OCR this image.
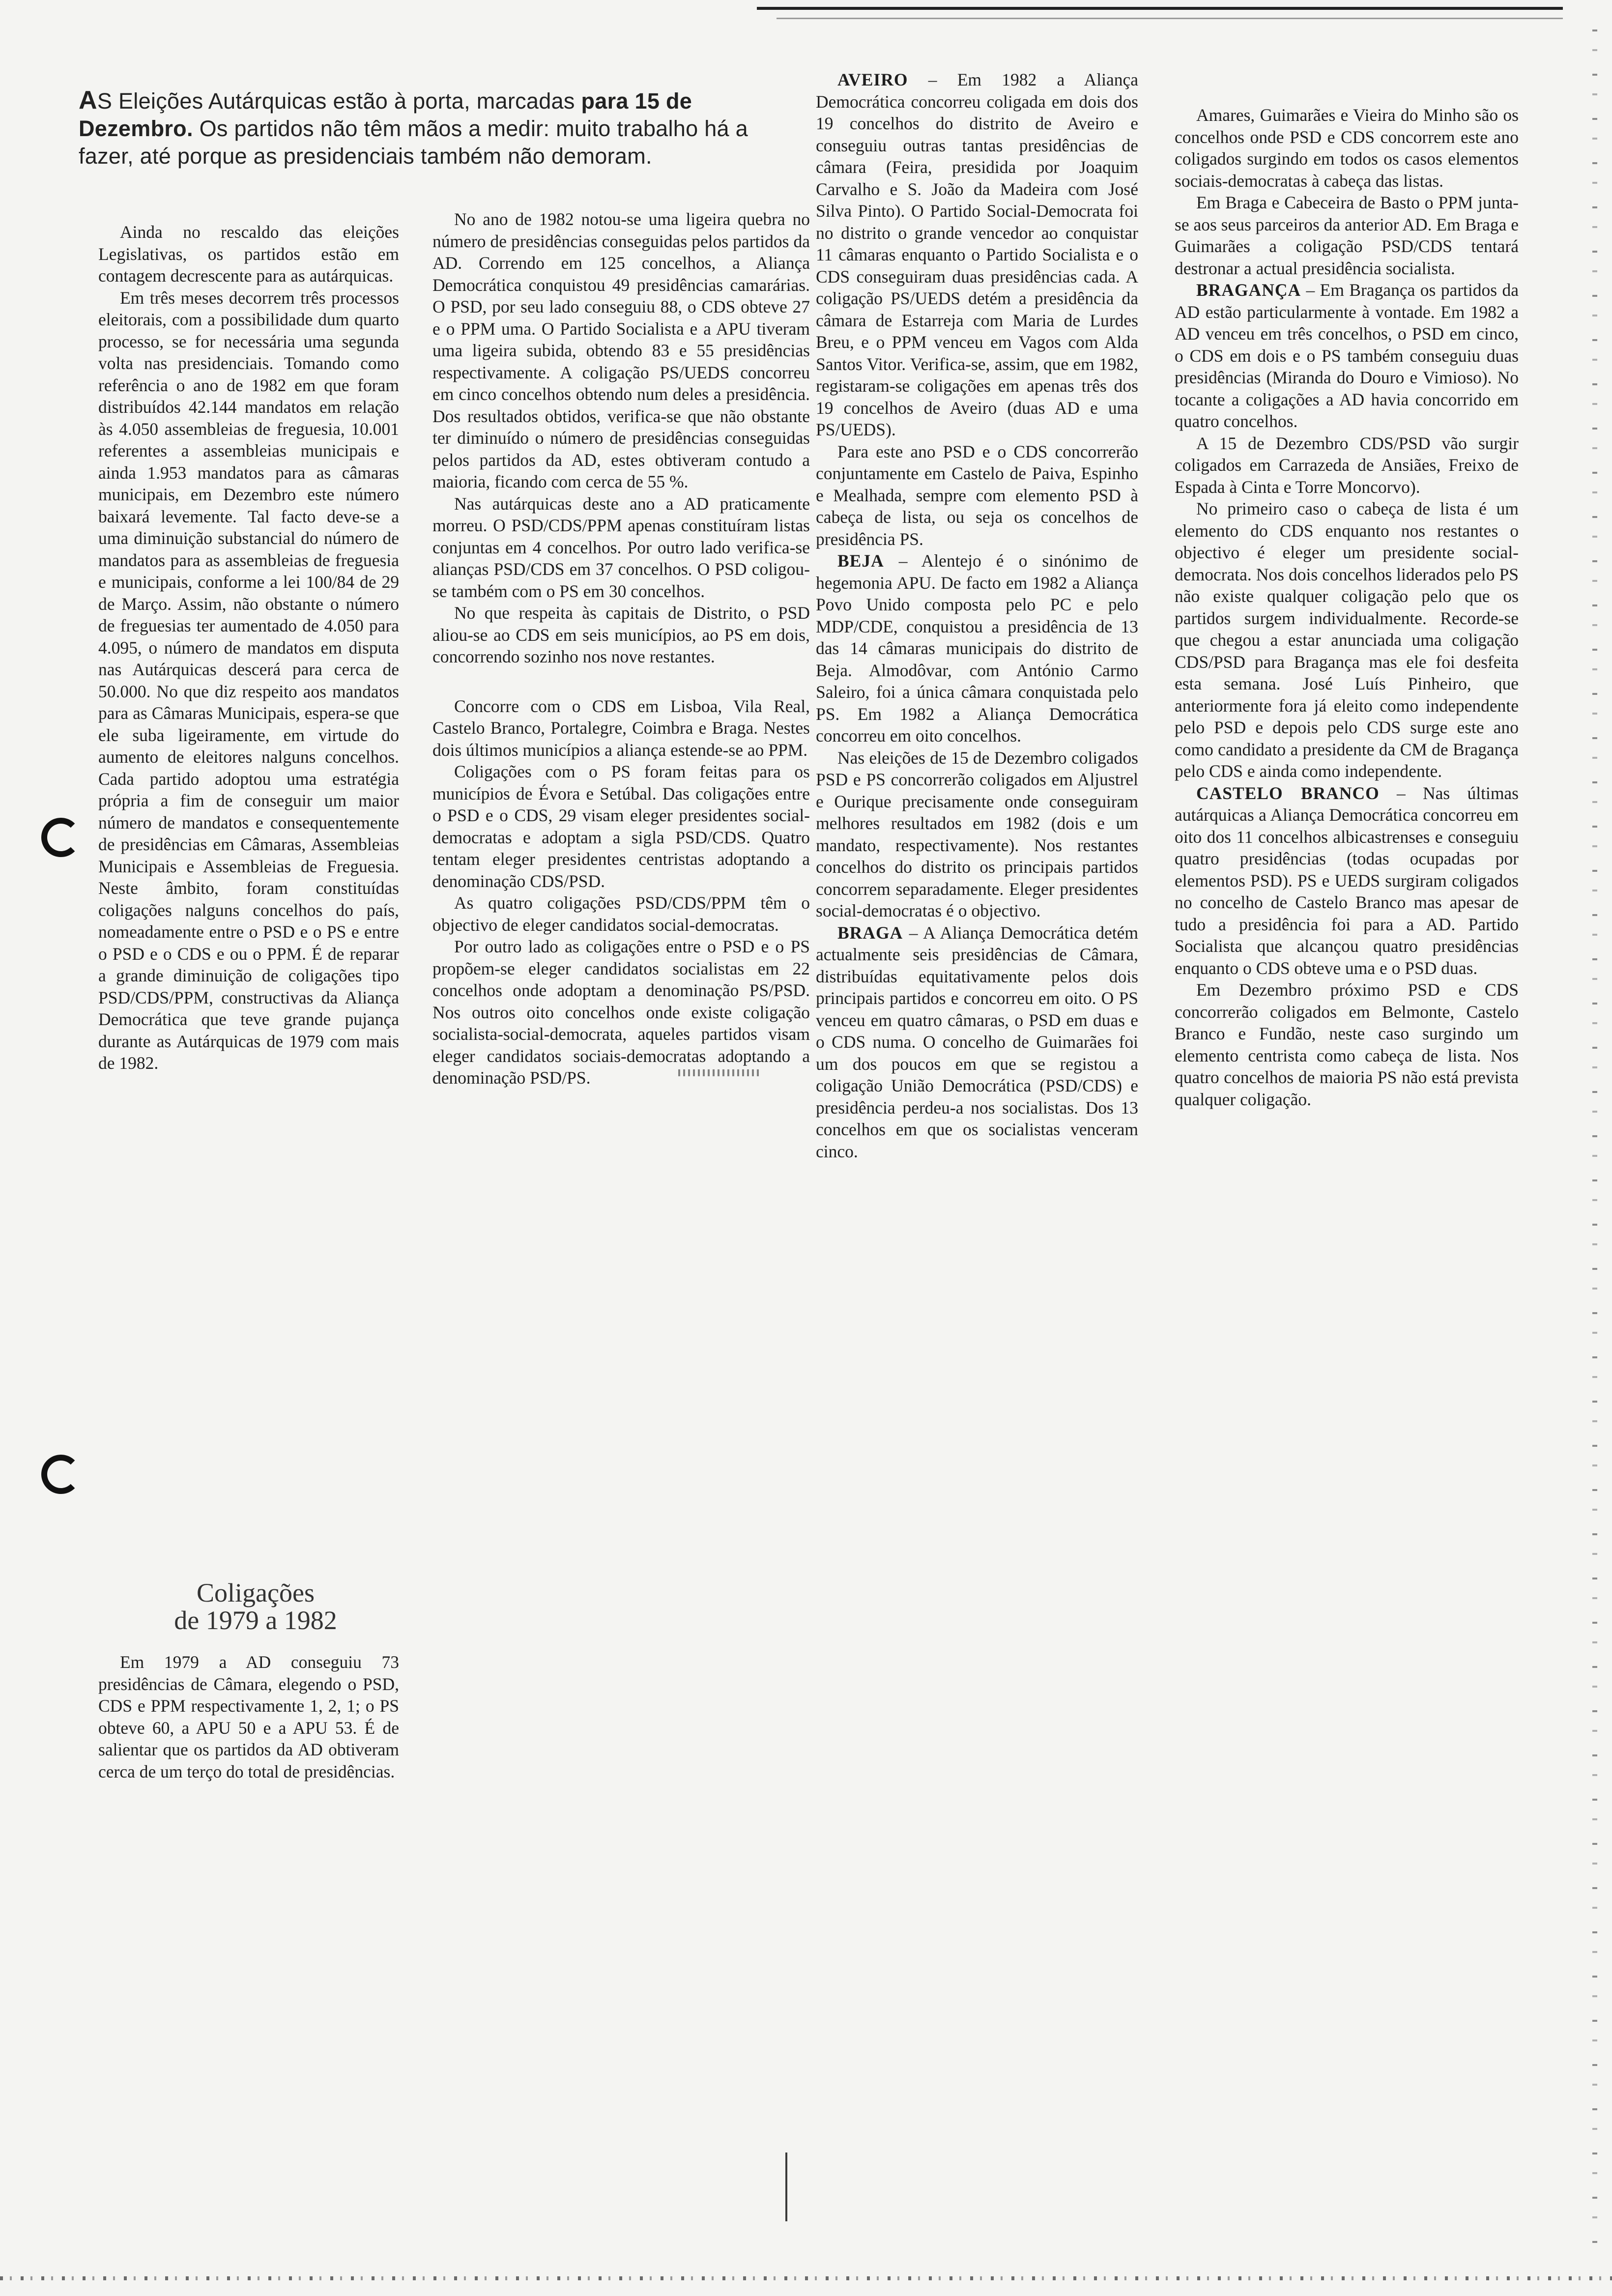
AS Eleições Autárquicas estão à porta, marcadas para 15 de Dezembro. Os partidos não têm mãos a medir: muito trabalho há a fazer, até porque as presidenciais também não demoram.

Ainda no rescaldo das eleições Legislativas, os partidos estão em contagem decrescente para as autárquicas.

Em três meses decorrem três processos eleitorais, com a possibilidade dum quarto processo, se for necessária uma segunda volta nas presidenciais. Tomando como referência o ano de 1982 em que foram distribuídos 42.144 mandatos em relação às 4.050 assembleias de freguesia, 10.001 referentes a assembleias municipais e ainda 1.953 mandatos para as câmaras municipais, em Dezembro este número baixará levemente. Tal facto deve-se a uma diminuição substancial do número de mandatos para as assembleias de freguesia e municipais, conforme a lei 100/84 de 29 de Março. Assim, não obstante o número de freguesias ter aumentado de 4.050 para 4.095, o número de mandatos em disputa nas Autárquicas descerá para cerca de 50.000. No que diz respeito aos mandatos para as Câmaras Municipais, espera-se que ele suba ligeiramente, em virtude do aumento de eleitores nalguns concelhos. Cada partido adoptou uma estratégia própria a fim de conseguir um maior número de mandatos e consequentemente de presidências em Câmaras, Assembleias Municipais e Assembleias de Freguesia. Neste âmbito, foram constituídas coligações nalguns concelhos do país, nomeadamente entre o PSD e o PS e entre o PSD e o CDS e ou o PPM. É de reparar a grande diminuição de coligações tipo PSD/CDS/PPM, constructivas da Aliança Democrática que teve grande pujança durante as Autárquicas de 1979 com mais de 1982.

Coligações
de 1979 a 1982

Em 1979 a AD conseguiu 73 presidências de Câmara, elegendo o PSD, CDS e PPM respectivamente 1, 2, 1; o PS obteve 60, a APU 50 e a APU 53. É de salientar que os partidos da AD obtiveram cerca de um terço do total de presidências.

No ano de 1982 notou-se uma ligeira quebra no número de presidências conseguidas pelos partidos da AD. Correndo em 125 concelhos, a Aliança Democrática conquistou 49 presidências camarárias. O PSD, por seu lado conseguiu 88, o CDS obteve 27 e o PPM uma. O Partido Socialista e a APU tiveram uma ligeira subida, obtendo 83 e 55 presidências respectivamente. A coligação PS/UEDS concorreu em cinco concelhos obtendo num deles a presidência. Dos resultados obtidos, verifica-se que não obstante ter diminuído o número de presidências conseguidas pelos partidos da AD, estes obtiveram contudo a maioria, ficando com cerca de 55 %.

Nas autárquicas deste ano a AD praticamente morreu. O PSD/CDS/PPM apenas constituíram listas conjuntas em 4 concelhos. Por outro lado verifica-se alianças PSD/CDS em 37 concelhos. O PSD coligou-se também com o PS em 30 concelhos.

No que respeita às capitais de Distrito, o PSD aliou-se ao CDS em seis municípios, ao PS em dois, concorrendo sozinho nos nove restantes.

Concorre com o CDS em Lisboa, Vila Real, Castelo Branco, Portalegre, Coimbra e Braga. Nestes dois últimos municípios a aliança estende-se ao PPM.

Coligações com o PS foram feitas para os municípios de Évora e Setúbal. Das coligações entre o PSD e o CDS, 29 visam eleger presidentes social-democratas e adoptam a sigla PSD/CDS. Quatro tentam eleger presidentes centristas adoptando a denominação CDS/PSD.

As quatro coligações PSD/CDS/PPM têm o objectivo de eleger candidatos social-democratas.

Por outro lado as coligações entre o PSD e o PS propõem-se eleger candidatos socialistas em 22 concelhos onde adoptam a denominação PS/PSD. Nos outros oito concelhos onde existe coligação socialista-social-democrata, aqueles partidos visam eleger candidatos sociais-democratas adoptando a denominação PSD/PS.

AVEIRO – Em 1982 a Aliança Democrática concorreu coligada em dois dos 19 concelhos do distrito de Aveiro e conseguiu outras tantas presidências de câmara (Feira, presidida por Joaquim Carvalho e S. João da Madeira com José Silva Pinto). O Partido Social-Democrata foi no distrito o grande vencedor ao conquistar 11 câmaras enquanto o Partido Socialista e o CDS conseguiram duas presidências cada. A coligação PS/UEDS detém a presidência da câmara de Estarreja com Maria de Lurdes Breu, e o PPM venceu em Vagos com Alda Santos Vitor. Verifica-se, assim, que em 1982, registaram-se coligações em apenas três dos 19 concelhos de Aveiro (duas AD e uma PS/UEDS).

Para este ano PSD e o CDS concorrerão conjuntamente em Castelo de Paiva, Espinho e Mealhada, sempre com elemento PSD à cabeça de lista, ou seja os concelhos de presidência PS.

BEJA – Alentejo é o sinónimo de hegemonia APU. De facto em 1982 a Aliança Povo Unido composta pelo PC e pelo MDP/CDE, conquistou a presidência de 13 das 14 câmaras municipais do distrito de Beja. Almodôvar, com António Carmo Saleiro, foi a única câmara conquistada pelo PS. Em 1982 a Aliança Democrática concorreu em oito concelhos.

Nas eleições de 15 de Dezembro coligados PSD e PS concorrerão coligados em Aljustrel e Ourique precisamente onde conseguiram melhores resultados em 1982 (dois e um mandato, respectivamente). Nos restantes concelhos do distrito os principais partidos concorrem separadamente. Eleger presidentes social-democratas é o objectivo.

BRAGA – A Aliança Democrática detém actualmente seis presidências de Câmara, distribuídas equitativamente pelos dois principais partidos e concorreu em oito. O PS venceu em quatro câmaras, o PSD em duas e o CDS numa. O concelho de Guimarães foi um dos poucos em que se registou a coligação União Democrática (PSD/CDS) e presidência perdeu-a nos socialistas. Dos 13 concelhos em que os socialistas venceram cinco.

Amares, Guimarães e Vieira do Minho são os concelhos onde PSD e CDS concorrem este ano coligados surgindo em todos os casos elementos sociais-democratas à cabeça das listas.

Em Braga e Cabeceira de Basto o PPM junta-se aos seus parceiros da anterior AD. Em Braga e Guimarães a coligação PSD/CDS tentará destronar a actual presidência socialista.

BRAGANÇA – Em Bragança os partidos da AD estão particularmente à vontade. Em 1982 a AD venceu em três concelhos, o PSD em cinco, o CDS em dois e o PS também conseguiu duas presidências (Miranda do Douro e Vimioso). No tocante a coligações a AD havia concorrido em quatro concelhos.

A 15 de Dezembro CDS/PSD vão surgir coligados em Carrazeda de Ansiães, Freixo de Espada à Cinta e Torre Moncorvo).

No primeiro caso o cabeça de lista é um elemento do CDS enquanto nos restantes o objectivo é eleger um presidente social-democrata. Nos dois concelhos liderados pelo PS não existe qualquer coligação pelo que os partidos surgem individualmente. Recorde-se que chegou a estar anunciada uma coligação CDS/PSD para Bragança mas ele foi desfeita esta semana. José Luís Pinheiro, que anteriormente fora já eleito como independente pelo PSD e depois pelo CDS surge este ano como candidato a presidente da CM de Bragança pelo CDS e ainda como independente.

CASTELO BRANCO – Nas últimas autárquicas a Aliança Democrática concorreu em oito dos 11 concelhos albicastrenses e conseguiu quatro presidências (todas ocupadas por elementos PSD). PS e UEDS surgiram coligados no concelho de Castelo Branco mas apesar de tudo a presidência foi para a AD. Partido Socialista que alcançou quatro presidências enquanto o CDS obteve uma e o PSD duas.

Em Dezembro próximo PSD e CDS concorrerão coligados em Belmonte, Castelo Branco e Fundão, neste caso surgindo um elemento centrista como cabeça de lista. Nos quatro concelhos de maioria PS não está prevista qualquer coligação.
